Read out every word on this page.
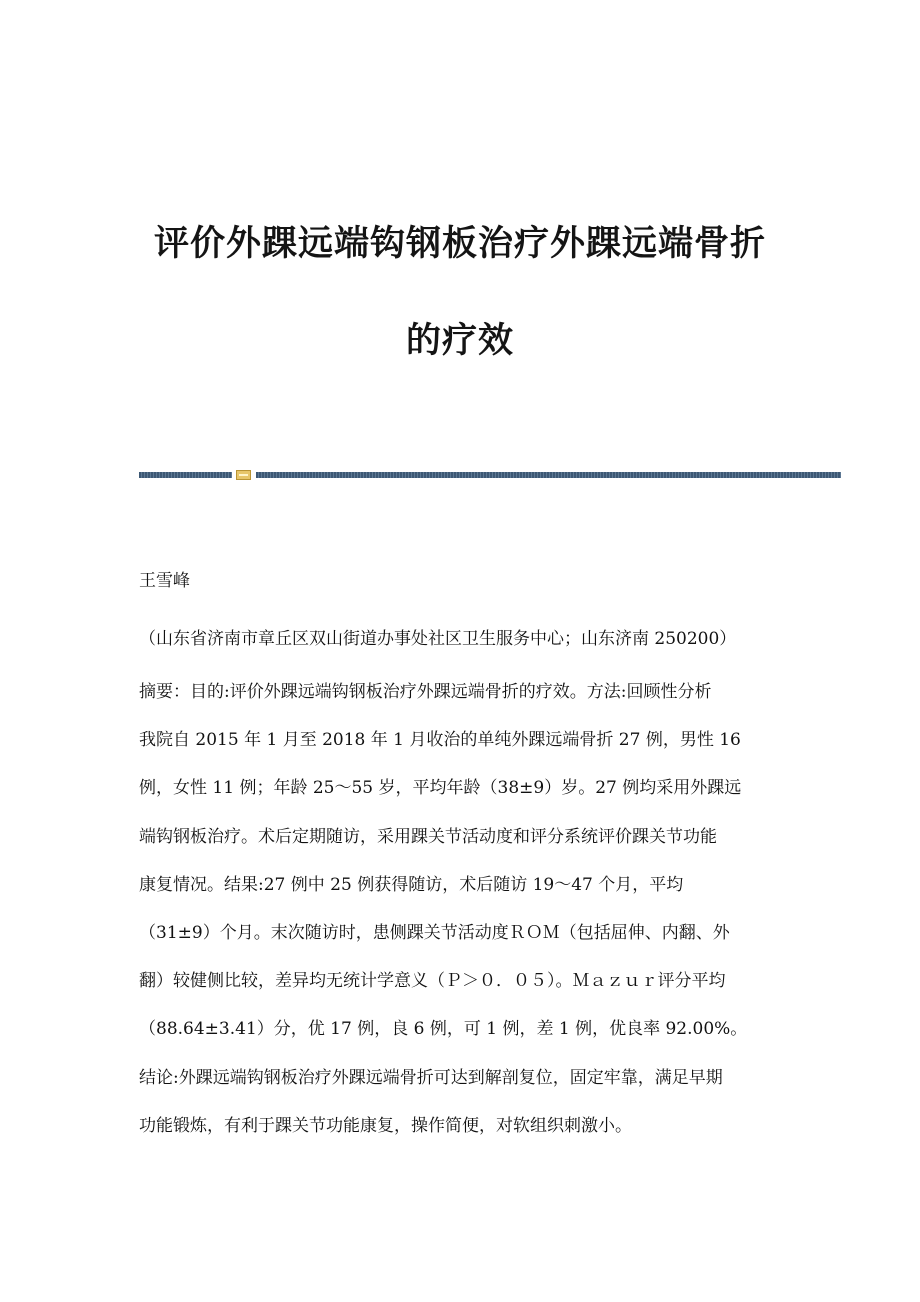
评价外踝远端钩钢板治疗外踝远端骨折
的疗效

王雪峰

（山东省济南市章丘区双山街道办事处社区卫生服务中心；山东济南 250200）

摘要：目的:评价外踝远端钩钢板治疗外踝远端骨折的疗效。方法:回顾性分析
我院自 2015 年 1 月至 2018 年 1 月收治的单纯外踝远端骨折 27 例，男性 16
例，女性 11 例；年龄 25～55 岁，平均年龄（38±9）岁。27 例均采用外踝远
端钩钢板治疗。术后定期随访，采用踝关节活动度和评分系统评价踝关节功能
康复情况。结果:27 例中 25 例获得随访，术后随访 19～47 个月，平均
（31±9）个月。末次随访时，患侧踝关节活动度ＲＯＭ（包括屈伸、内翻、外
翻）较健侧比较，差异均无统计学意义（Ｐ＞０．０５）。Ｍａｚｕｒ评分平均
（88.64±3.41）分，优 17 例，良 6 例，可 1 例，差 1 例，优良率 92.00%。
结论:外踝远端钩钢板治疗外踝远端骨折可达到解剖复位，固定牢靠，满足早期
功能锻炼，有利于踝关节功能康复，操作简便，对软组织刺激小。
